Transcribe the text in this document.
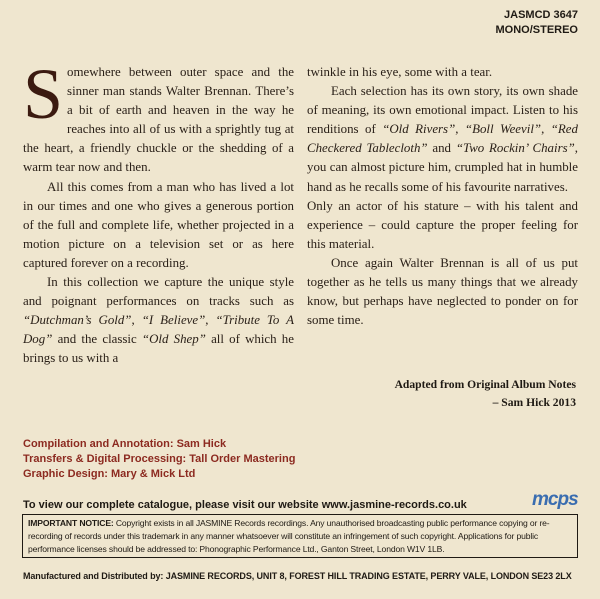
JASMCD 3647
MONO/STEREO

Somewhere between outer space and the sinner man stands Walter Brennan. There’s a bit of earth and heaven in the way he reaches into all of us with a sprightly tug at the heart, a friendly chuckle or the shedding of a warm tear now and then.

All this comes from a man who has lived a lot in our times and one who gives a generous portion of the full and complete life, whether projected in a motion picture on a television set or as here captured forever on a recording.

In this collection we capture the unique style and poignant performances on tracks such as “Dutchman’s Gold”, “I Believe”, “Tribute To A Dog” and the classic “Old Shep” all of which he brings to us with a

twinkle in his eye, some with a tear.

Each selection has its own story, its own shade of meaning, its own emotional impact. Listen to his renditions of “Old Rivers”, “Boll Weevil”, “Red Checkered Tablecloth” and “Two Rockin’ Chairs”, you can almost picture him, crumpled hat in humble hand as he recalls some of his favourite narratives.

Only an actor of his stature – with his talent and experience – could capture the proper feeling for this material.

Once again Walter Brennan is all of us put together as he tells us many things that we already know, but perhaps have neglected to ponder on for some time.

Adapted from Original Album Notes
– Sam Hick 2013
Compilation and Annotation: Sam Hick
Transfers & Digital Processing: Tall Order Mastering
Graphic Design: Mary & Mick Ltd
To view our complete catalogue, please visit our website www.jasmine-records.co.uk	mcps
IMPORTANT NOTICE: Copyright exists in all JASMINE Records recordings. Any unauthorised broadcasting public performance copying or re-recording of records under this trademark in any manner whatsoever will constitute an infringement of such copyright. Applications for public performance licenses should be addressed to: Phonographic Performance Ltd., Ganton Street, London W1V 1LB.
Manufactured and Distributed by: JASMINE RECORDS, UNIT 8, FOREST HILL TRADING ESTATE, PERRY VALE, LONDON SE23 2LX
